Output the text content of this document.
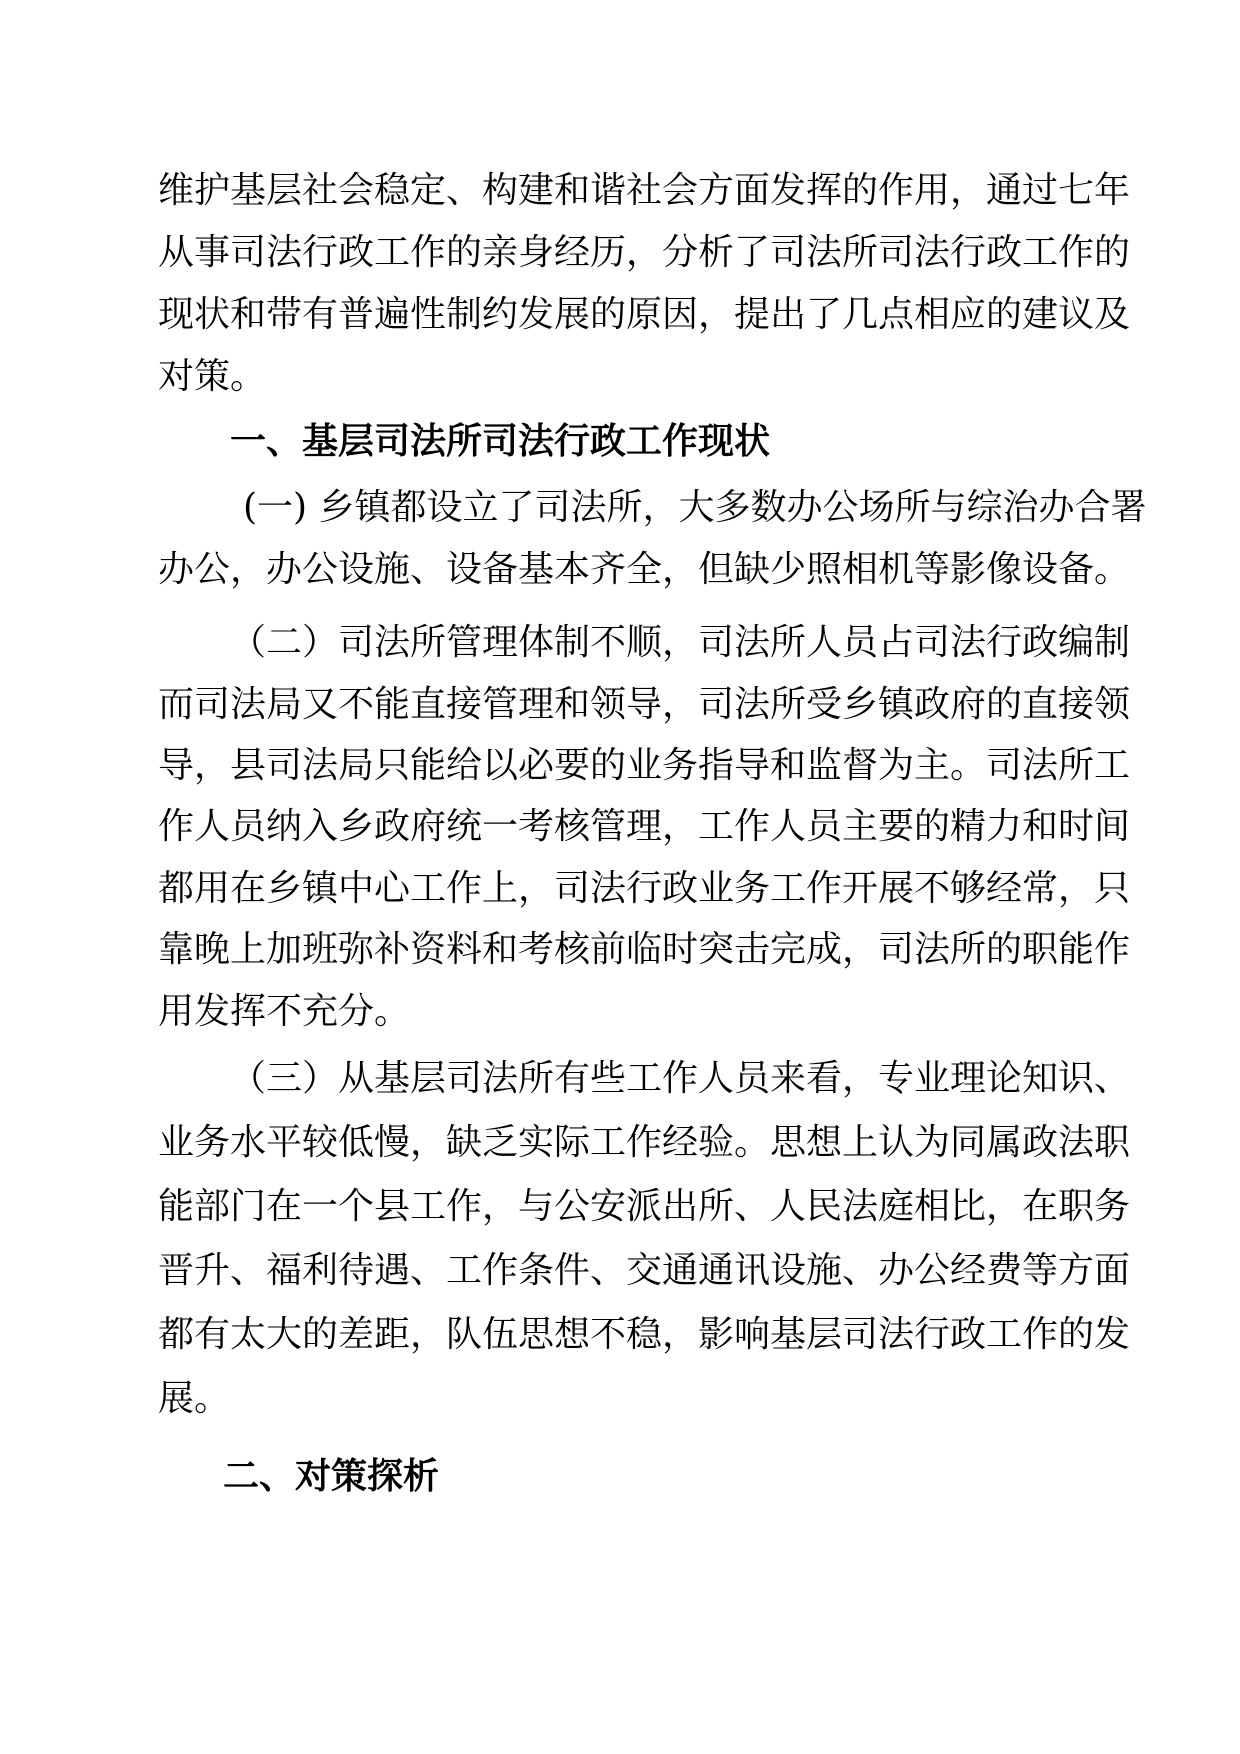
维护基层社会稳定、构建和谐社会方面发挥的作用，通过七年
从事司法行政工作的亲身经历，分析了司法所司法行政工作的
现状和带有普遍性制约发展的原因，提出了几点相应的建议及
对策。
一、基层司法所司法行政工作现状
(一) 乡镇都设立了司法所，大多数办公场所与综治办合署
办公，办公设施、设备基本齐全，但缺少照相机等影像设备。
（二）司法所管理体制不顺，司法所人员占司法行政编制
而司法局又不能直接管理和领导，司法所受乡镇政府的直接领
导，县司法局只能给以必要的业务指导和监督为主。司法所工
作人员纳入乡政府统一考核管理，工作人员主要的精力和时间
都用在乡镇中心工作上，司法行政业务工作开展不够经常，只
靠晚上加班弥补资料和考核前临时突击完成，司法所的职能作
用发挥不充分。
（三）从基层司法所有些工作人员来看，专业理论知识、
业务水平较低慢，缺乏实际工作经验。思想上认为同属政法职
能部门在一个县工作，与公安派出所、人民法庭相比，在职务
晋升、福利待遇、工作条件、交通通讯设施、办公经费等方面
都有太大的差距，队伍思想不稳，影响基层司法行政工作的发
展。
二、对策探析
